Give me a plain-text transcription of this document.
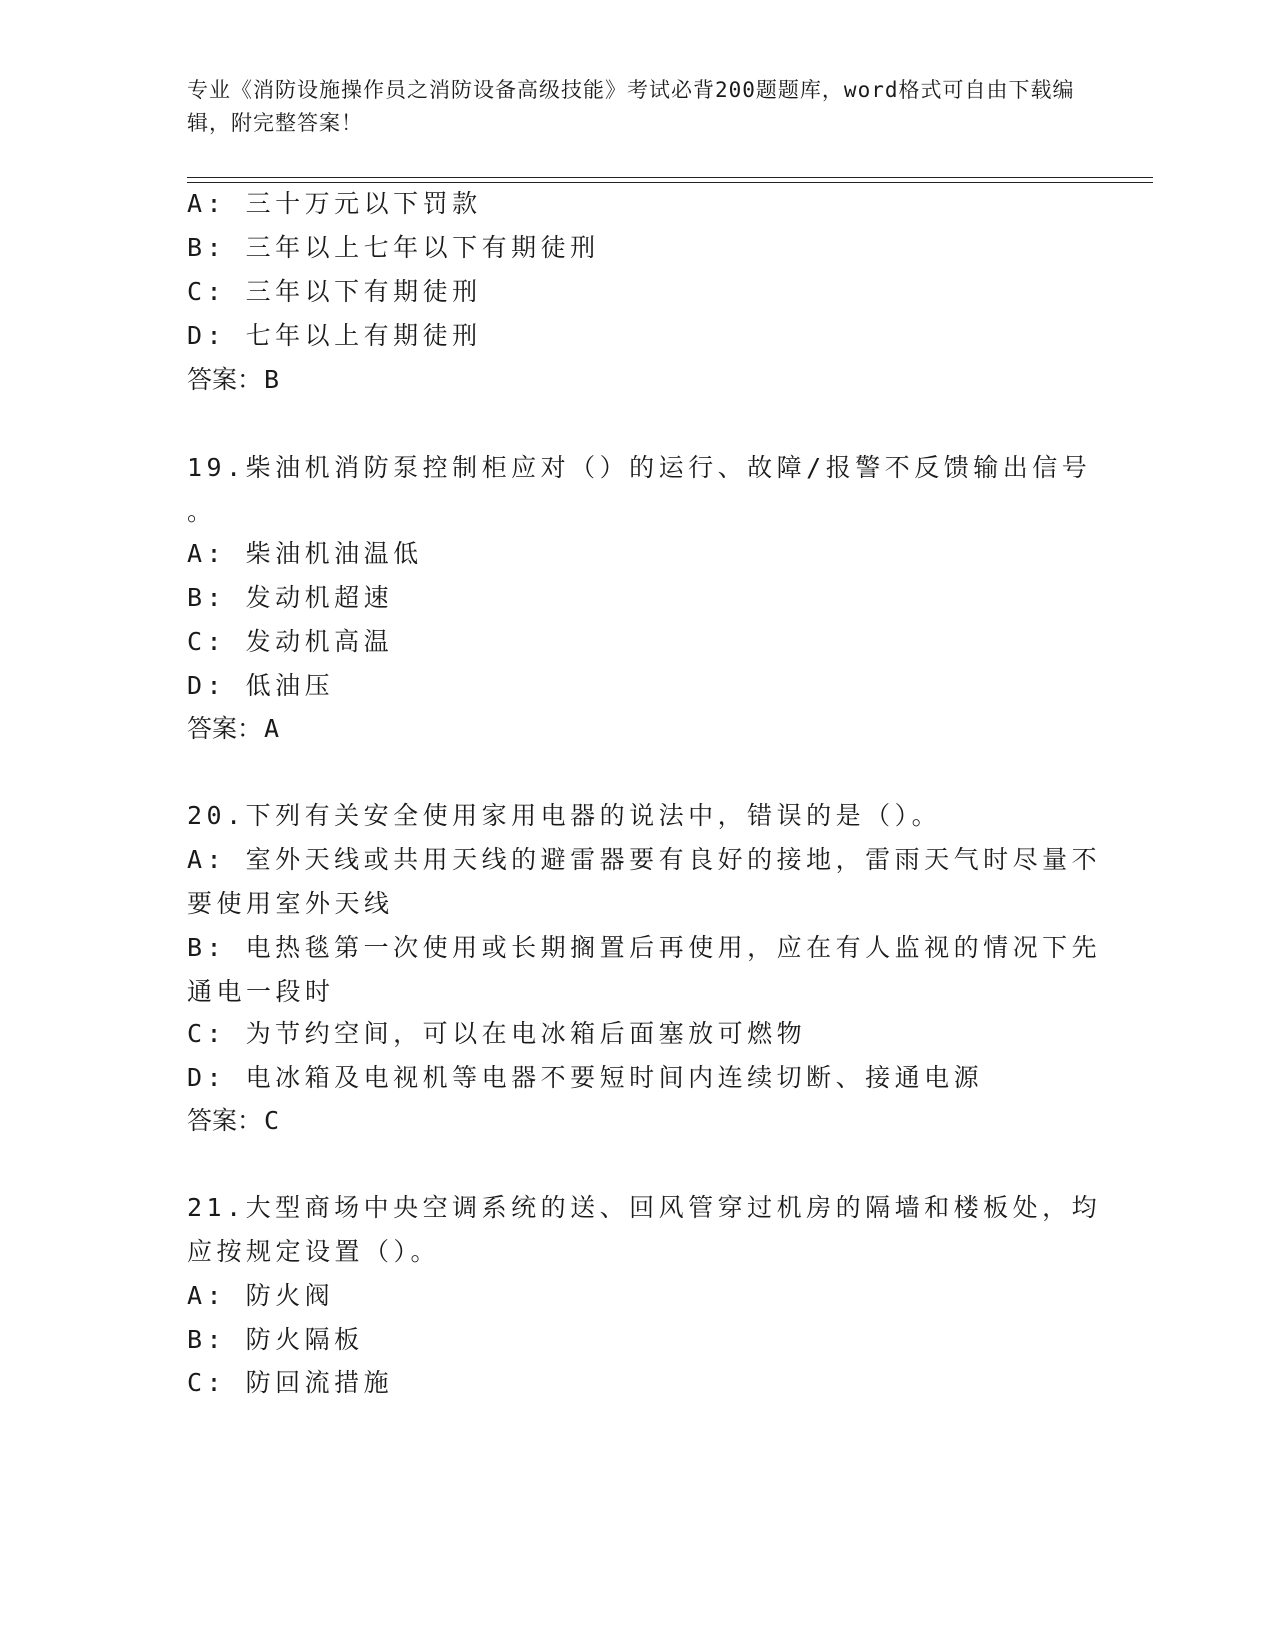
专业《消防设施操作员之消防设备高级技能》考试必背200题题库，word格式可自由下载编辑，附完整答案！
A: 三十万元以下罚款
B: 三年以上七年以下有期徒刑
C: 三年以下有期徒刑
D: 七年以上有期徒刑
答案：B
19.柴油机消防泵控制柜应对（）的运行、故障/报警不反馈输出信号
。
A: 柴油机油温低
B: 发动机超速
C: 发动机高温
D: 低油压
答案：A
20.下列有关安全使用家用电器的说法中，错误的是（）。
A: 室外天线或共用天线的避雷器要有良好的接地，雷雨天气时尽量不
要使用室外天线
B: 电热毯第一次使用或长期搁置后再使用，应在有人监视的情况下先
通电一段时
C: 为节约空间，可以在电冰箱后面塞放可燃物
D: 电冰箱及电视机等电器不要短时间内连续切断、接通电源
答案：C
21.大型商场中央空调系统的送、回风管穿过机房的隔墙和楼板处，均
应按规定设置（）。
A: 防火阀
B: 防火隔板
C: 防回流措施
